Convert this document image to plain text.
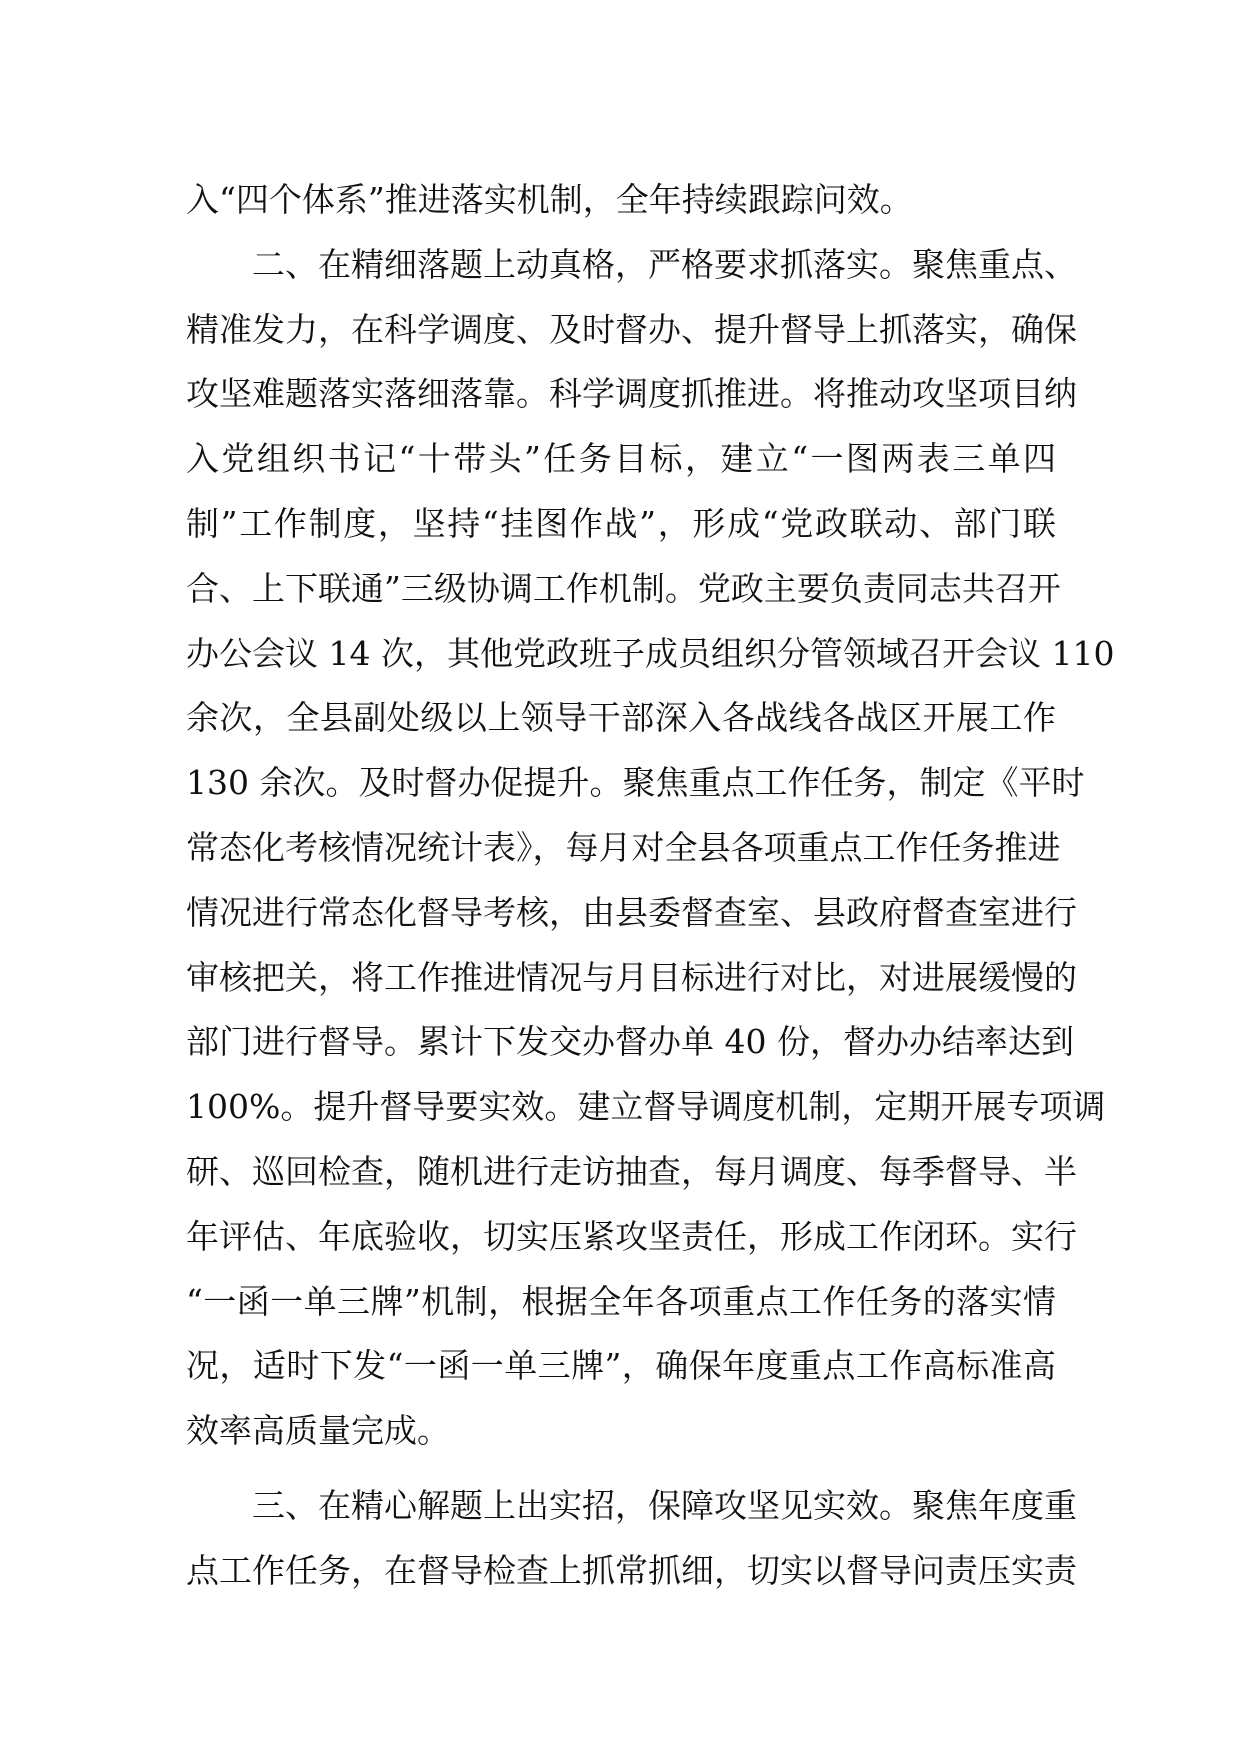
入“四个体系”推进落实机制，全年持续跟踪问效。
　　二、在精细落题上动真格，严格要求抓落实。聚焦重点、
精准发力，在科学调度、及时督办、提升督导上抓落实，确保
攻坚难题落实落细落靠。科学调度抓推进。将推动攻坚项目纳
入党组织书记“十带头”任务目标，建立“一图两表三单四
制”工作制度，坚持“挂图作战”，形成“党政联动、部门联
合、上下联通”三级协调工作机制。党政主要负责同志共召开
办公会议 14 次，其他党政班子成员组织分管领域召开会议 110
余次，全县副处级以上领导干部深入各战线各战区开展工作
130 余次。及时督办促提升。聚焦重点工作任务，制定《平时
常态化考核情况统计表》，每月对全县各项重点工作任务推进
情况进行常态化督导考核，由县委督查室、县政府督查室进行
审核把关，将工作推进情况与月目标进行对比，对进展缓慢的
部门进行督导。累计下发交办督办单 40 份，督办办结率达到
100%。提升督导要实效。建立督导调度机制，定期开展专项调
研、巡回检查，随机进行走访抽查，每月调度、每季督导、半
年评估、年底验收，切实压紧攻坚责任，形成工作闭环。实行
“一函一单三牌”机制，根据全年各项重点工作任务的落实情
况，适时下发“一函一单三牌”，确保年度重点工作高标准高
效率高质量完成。
　　三、在精心解题上出实招，保障攻坚见实效。聚焦年度重
点工作任务，在督导检查上抓常抓细，切实以督导问责压实责
